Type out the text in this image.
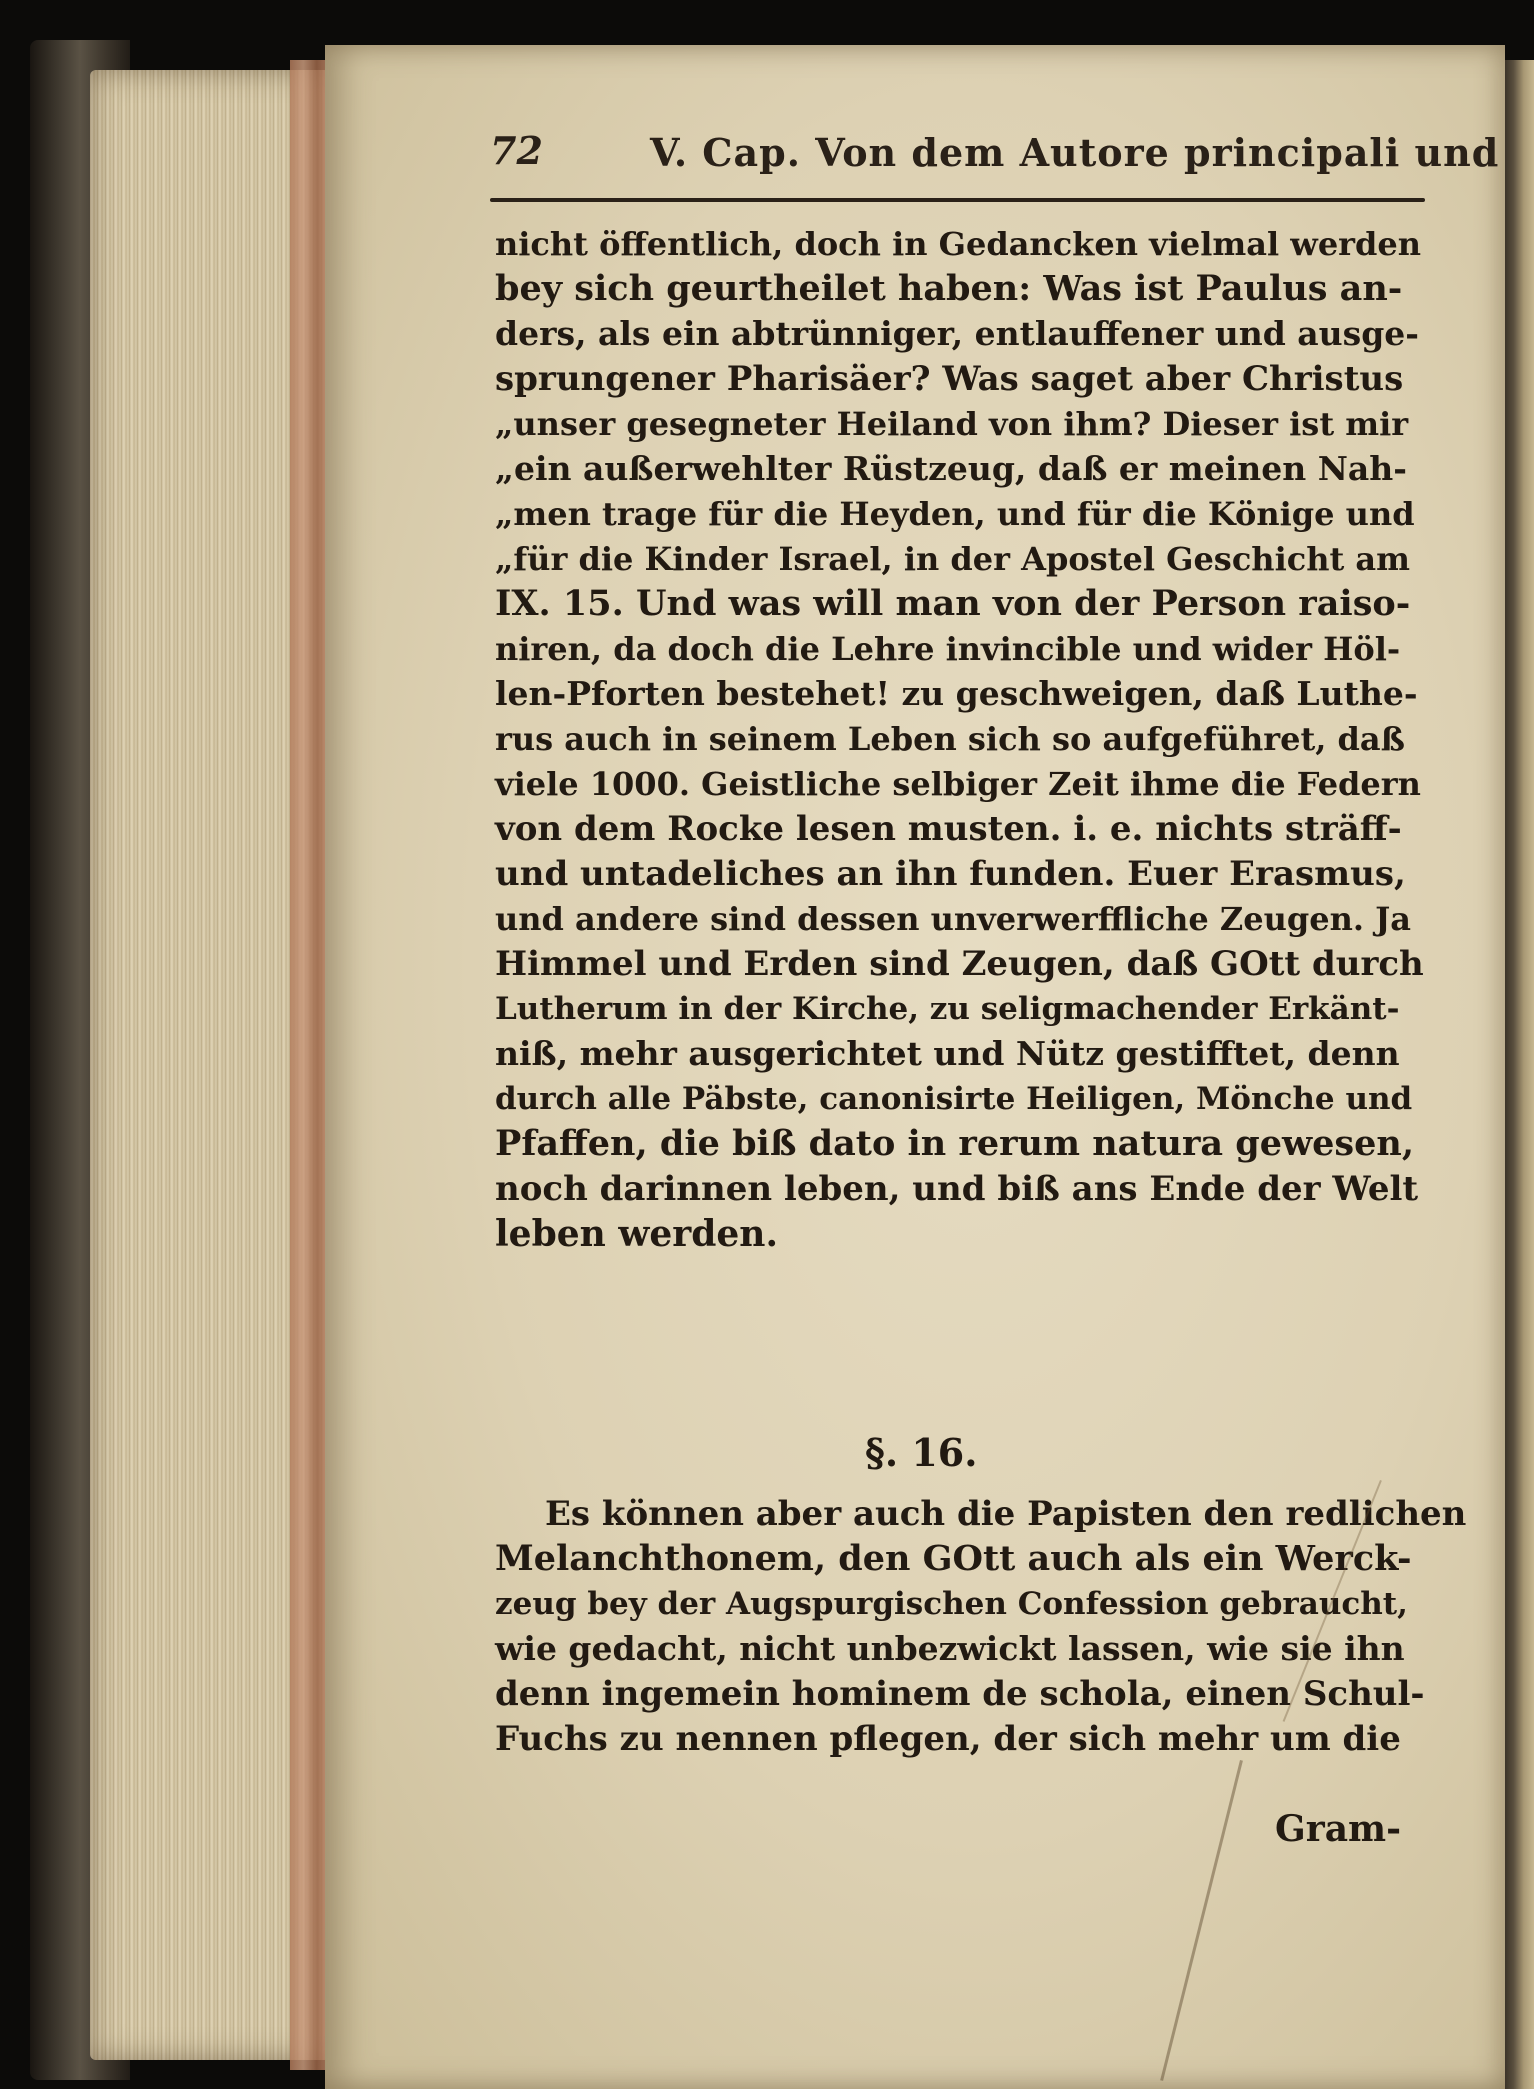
72	V. Cap. Von dem Autore principali und
nicht öffentlich, doch in Gedancken vielmal werden
bey sich geurtheilet haben: Was ist Paulus an-
ders, als ein abtrünniger, entlauffener und ausge-
sprungener Pharisäer? Was saget aber Christus
„unser gesegneter Heiland von ihm? Dieser ist mir
„ein außerwehlter Rüstzeug, daß er meinen Nah-
„men trage für die Heyden, und für die Könige und
„für die Kinder Israel, in der Apostel Geschicht am
IX. 15. Und was will man von der Person raiso-
niren, da doch die Lehre invincible und wider Höl-
len-Pforten bestehet! zu geschweigen, daß Luthe-
rus auch in seinem Leben sich so aufgeführet, daß
viele 1000. Geistliche selbiger Zeit ihme die Federn
von dem Rocke lesen musten. i. e. nichts sträff-
und untadeliches an ihn funden. Euer Erasmus,
und andere sind dessen unverwerffliche Zeugen. Ja
Himmel und Erden sind Zeugen, daß GOtt durch
Lutherum in der Kirche, zu seligmachender Erkänt-
niß, mehr ausgerichtet und Nütz gestifftet, denn
durch alle Päbste, canonisirte Heiligen, Mönche und
Pfaffen, die biß dato in rerum natura gewesen,
noch darinnen leben, und biß ans Ende der Welt
leben werden.
§. 16.
Es können aber auch die Papisten den redlichen
Melanchthonem, den GOtt auch als ein Werck-
zeug bey der Augspurgischen Confession gebraucht,
wie gedacht, nicht unbezwickt lassen, wie sie ihn
denn ingemein hominem de schola, einen Schul-
Fuchs zu nennen pflegen, der sich mehr um die
Gram-
